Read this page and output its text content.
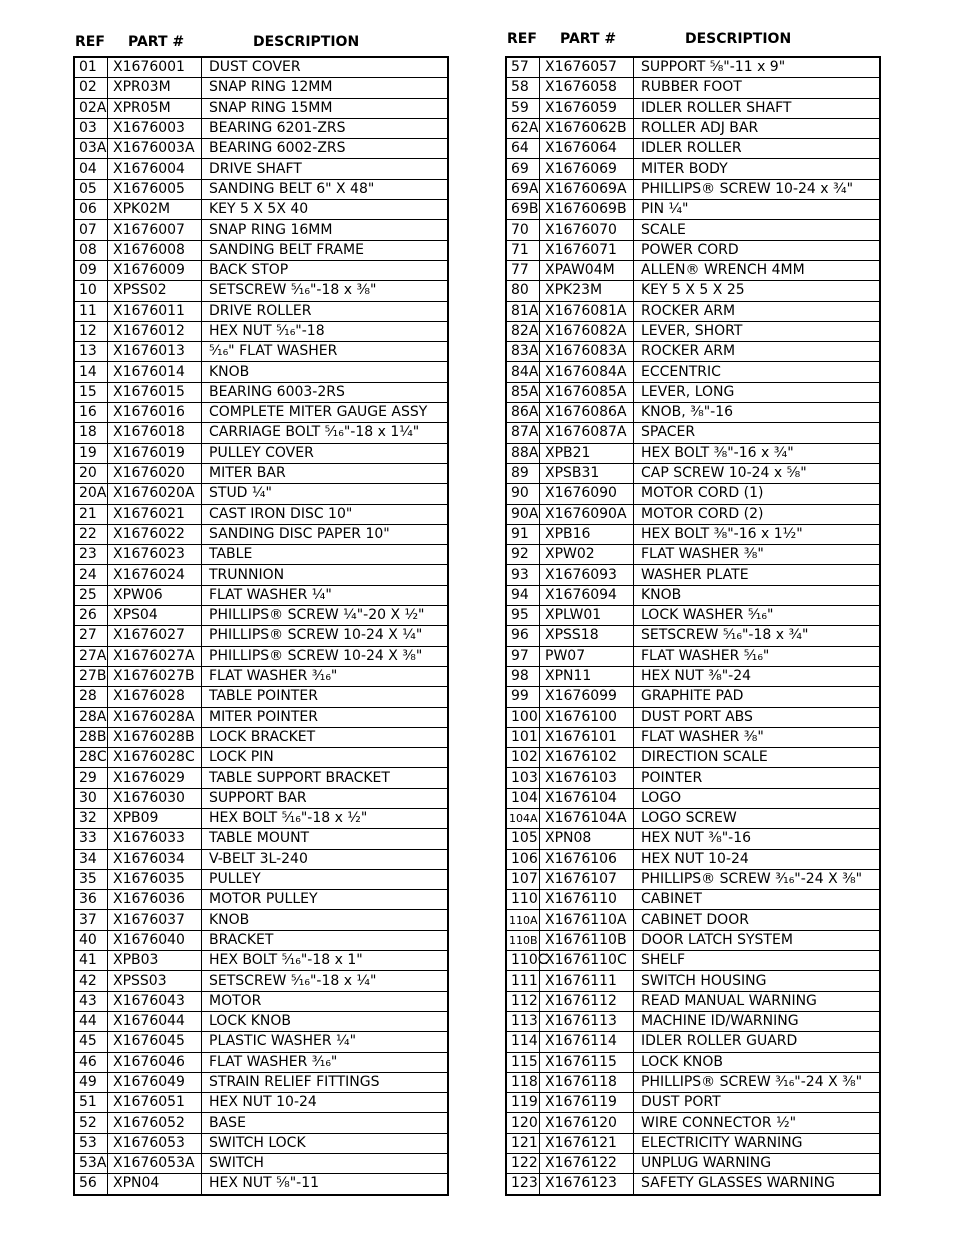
REF PART #	DESCRIPTION
01	X1676001	DUST COVER
02	XPR03M	SNAP RING 12MM
02A	XPR05M	SNAP RING 15MM
03	X1676003	BEARING 6201-ZRS
03A	X1676003A	BEARING 6002-ZRS
04	X1676004	DRIVE SHAFT
05	X1676005	SANDING BELT 6" X 48"
06	XPK02M	KEY 5 X 5X 40
07	X1676007	SNAP RING 16MM
08	X1676008	SANDING BELT FRAME
09	X1676009	BACK STOP
10	XPSS02	SETSCREW ⁵⁄₁₆"-18 x ³⁄₈"
11	X1676011	DRIVE ROLLER
12	X1676012	HEX NUT ⁵⁄₁₆"-18
13	X1676013	⁵⁄₁₆" FLAT WASHER
14	X1676014	KNOB
15	X1676015	BEARING 6003-2RS
16	X1676016	COMPLETE MITER GAUGE ASSY
18	X1676018	CARRIAGE BOLT ⁵⁄₁₆"-18 x 1¹⁄₄"
19	X1676019	PULLEY COVER
20	X1676020	MITER BAR
20A	X1676020A	STUD ¹⁄₄"
21	X1676021	CAST IRON DISC 10"
22	X1676022	SANDING DISC PAPER 10"
23	X1676023	TABLE
24	X1676024	TRUNNION
25	XPW06	FLAT WASHER ¹⁄₄"
26	XPS04	PHILLIPS® SCREW ¹⁄₄"-20 X ¹⁄₂"
27	X1676027	PHILLIPS® SCREW 10-24 X ¹⁄₄"
27A	X1676027A	PHILLIPS® SCREW 10-24 X ³⁄₈"
27B	X1676027B	FLAT WASHER ³⁄₁₆"
28	X1676028	TABLE POINTER
28A	X1676028A	MITER POINTER
28B	X1676028B	LOCK BRACKET
28C	X1676028C	LOCK PIN
29	X1676029	TABLE SUPPORT BRACKET
30	X1676030	SUPPORT BAR
32	XPB09	HEX BOLT ⁵⁄₁₆"-18 x ¹⁄₂"
33	X1676033	TABLE MOUNT
34	X1676034	V-BELT 3L-240
35	X1676035	PULLEY
36	X1676036	MOTOR PULLEY
37	X1676037	KNOB
40	X1676040	BRACKET
41	XPB03	HEX BOLT ⁵⁄₁₆"-18 x 1"
42	XPSS03	SETSCREW ⁵⁄₁₆"-18 x ¹⁄₄"
43	X1676043	MOTOR
44	X1676044	LOCK KNOB
45	X1676045	PLASTIC WASHER ¹⁄₄"
46	X1676046	FLAT WASHER ³⁄₁₆"
49	X1676049	STRAIN RELIEF FITTINGS
51	X1676051	HEX NUT 10-24
52	X1676052	BASE
53	X1676053	SWITCH LOCK
53A	X1676053A	SWITCH
56	XPN04	HEX NUT ⁵⁄₈"-11
REF PART #	DESCRIPTION
57	X1676057	SUPPORT ⁵⁄₈"-11 x 9"
58	X1676058	RUBBER FOOT
59	X1676059	IDLER ROLLER SHAFT
62A	X1676062B	ROLLER ADJ BAR
64	X1676064	IDLER ROLLER
69	X1676069	MITER BODY
69A	X1676069A	PHILLIPS® SCREW 10-24 x ³⁄₄"
69B	X1676069B	PIN ¹⁄₄"
70	X1676070	SCALE
71	X1676071	POWER CORD
77	XPAW04M	ALLEN® WRENCH 4MM
80	XPK23M	KEY 5 X 5 X 25
81A	X1676081A	ROCKER ARM
82A	X1676082A	LEVER, SHORT
83A	X1676083A	ROCKER ARM
84A	X1676084A	ECCENTRIC
85A	X1676085A	LEVER, LONG
86A	X1676086A	KNOB, ³⁄₈"-16
87A	X1676087A	SPACER
88A	XPB21	HEX BOLT ³⁄₈"-16 x ³⁄₄"
89	XPSB31	CAP SCREW 10-24 x ⁵⁄₈"
90	X1676090	MOTOR CORD (1)
90A	X1676090A	MOTOR CORD (2)
91	XPB16	HEX BOLT ³⁄₈"-16 x 1¹⁄₂"
92	XPW02	FLAT WASHER ³⁄₈"
93	X1676093	WASHER PLATE
94	X1676094	KNOB
95	XPLW01	LOCK WASHER ⁵⁄₁₆"
96	XPSS18	SETSCREW ⁵⁄₁₆"-18 x ³⁄₄"
97	PW07	FLAT WASHER ⁵⁄₁₆"
98	XPN11	HEX NUT ³⁄₈"-24
99	X1676099	GRAPHITE PAD
100	X1676100	DUST PORT ABS
101	X1676101	FLAT WASHER ³⁄₈"
102	X1676102	DIRECTION SCALE
103	X1676103	POINTER
104	X1676104	LOGO
104A	X1676104A	LOGO SCREW
105	XPN08	HEX NUT ³⁄₈"-16
106	X1676106	HEX NUT 10-24
107	X1676107	PHILLIPS® SCREW ³⁄₁₆"-24 X ³⁄₈"
110	X1676110	CABINET
110A	X1676110A	CABINET DOOR
110B	X1676110B	DOOR LATCH SYSTEM
110C	X1676110C	SHELF
111	X1676111	SWITCH HOUSING
112	X1676112	READ MANUAL WARNING
113	X1676113	MACHINE ID/WARNING
114	X1676114	IDLER ROLLER GUARD
115	X1676115	LOCK KNOB
118	X1676118	PHILLIPS® SCREW ³⁄₁₆"-24 X ³⁄₈"
119	X1676119	DUST PORT
120	X1676120	WIRE CONNECTOR ¹⁄₂"
121	X1676121	ELECTRICITY WARNING
122	X1676122	UNPLUG WARNING
123	X1676123	SAFETY GLASSES WARNING
